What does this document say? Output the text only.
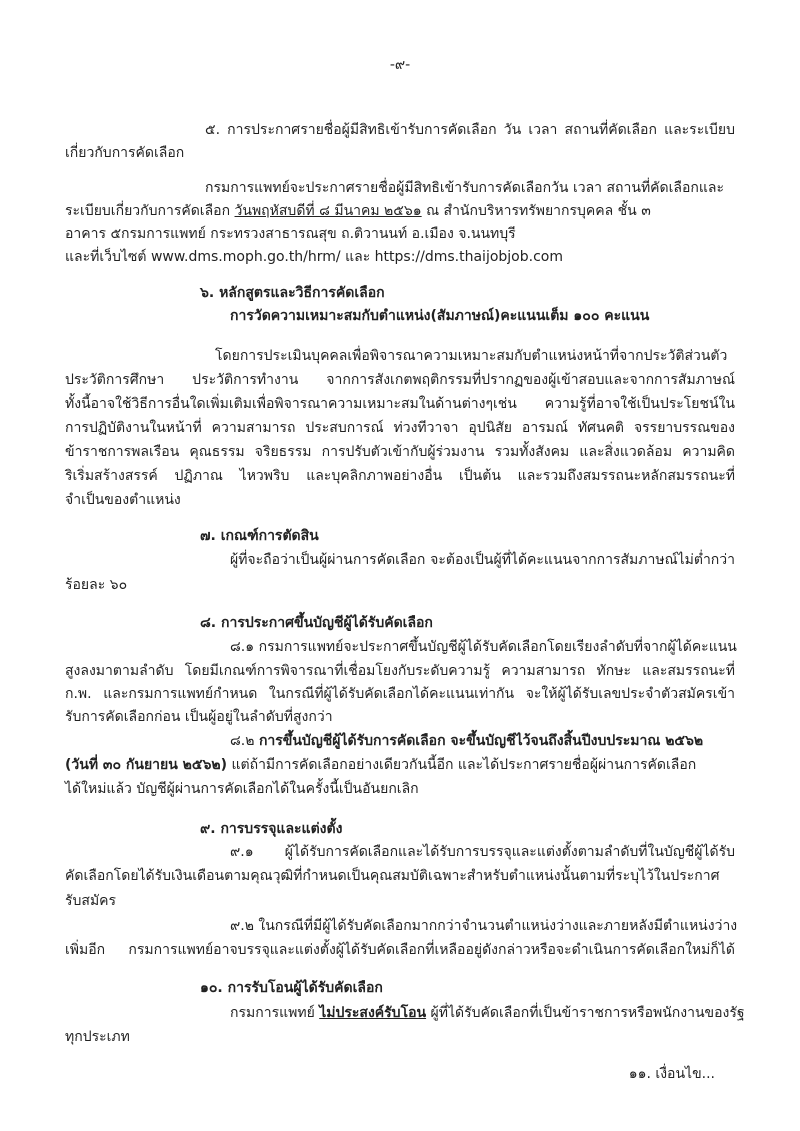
-๙-
๕. การประกาศรายชื่อผู้มีสิทธิเข้ารับการคัดเลือก วัน เวลา สถานที่คัดเลือก และระเบียบ
เกี่ยวกับการคัดเลือก
กรมการแพทย์จะประกาศรายชื่อผู้มีสิทธิเข้ารับการคัดเลือกวัน เวลา สถานที่คัดเลือกและ
ระเบียบเกี่ยวกับการคัดเลือก วันพฤหัสบดีที่ ๘ มีนาคม ๒๕๖๑ ณ สำนักบริหารทรัพยากรบุคคล ชั้น ๓
อาคาร ๕กรมการแพทย์ กระทรวงสาธารณสุข ถ.ติวานนท์ อ.เมือง จ.นนทบุรี
และที่เว็บไซต์ www.dms.moph.go.th/hrm/ และ https://dms.thaijobjob.com
๖. หลักสูตรและวิธีการคัดเลือก
การวัดความเหมาะสมกับตำแหน่ง(สัมภาษณ์)คะแนนเต็ม ๑๐๐ คะแนน
โดยการประเมินบุคคลเพื่อพิจารณาความเหมาะสมกับตำแหน่งหน้าที่จากประวัติส่วนตัว
ประวัติการศึกษา ประวัติการทำงาน จากการสังเกตพฤติกรรมที่ปรากฏของผู้เข้าสอบและจากการสัมภาษณ์
ทั้งนี้อาจใช้วิธีการอื่นใดเพิ่มเติมเพื่อพิจารณาความเหมาะสมในด้านต่างๆเช่น ความรู้ที่อาจใช้เป็นประโยชน์ใน
การปฏิบัติงานในหน้าที่ ความสามารถ ประสบการณ์ ท่วงทีวาจา อุปนิสัย อารมณ์ ทัศนคติ จรรยาบรรณของ
ข้าราชการพลเรือน คุณธรรม จริยธรรม การปรับตัวเข้ากับผู้ร่วมงาน รวมทั้งสังคม และสิ่งแวดล้อม ความคิด
ริเริ่มสร้างสรรค์ ปฏิภาณ ไหวพริบ และบุคลิกภาพอย่างอื่น เป็นต้น และรวมถึงสมรรถนะหลักสมรรถนะที่
จำเป็นของตำแหน่ง
๗. เกณฑ์การตัดสิน
ผู้ที่จะถือว่าเป็นผู้ผ่านการคัดเลือก จะต้องเป็นผู้ที่ได้คะแนนจากการสัมภาษณ์ไม่ต่ำกว่า
ร้อยละ ๖๐
๘. การประกาศขึ้นบัญชีผู้ได้รับคัดเลือก
๘.๑ กรมการแพทย์จะประกาศขึ้นบัญชีผู้ได้รับคัดเลือกโดยเรียงลำดับที่จากผู้ได้คะแนน
สูงลงมาตามลำดับ โดยมีเกณฑ์การพิจารณาที่เชื่อมโยงกับระดับความรู้ ความสามารถ ทักษะ และสมรรถนะที่
ก.พ. และกรมการแพทย์กำหนด ในกรณีที่ผู้ได้รับคัดเลือกได้คะแนนเท่ากัน จะให้ผู้ได้รับเลขประจำตัวสมัครเข้า
รับการคัดเลือกก่อน เป็นผู้อยู่ในลำดับที่สูงกว่า
๘.๒ การขึ้นบัญชีผู้ได้รับการคัดเลือก จะขึ้นบัญชีไว้จนถึงสิ้นปีงบประมาณ ๒๕๖๒
(วันที่ ๓๐ กันยายน ๒๕๖๒) แต่ถ้ามีการคัดเลือกอย่างเดียวกันนี้อีก และได้ประกาศรายชื่อผู้ผ่านการคัดเลือก
ได้ใหม่แล้ว บัญชีผู้ผ่านการคัดเลือกได้ในครั้งนี้เป็นอันยกเลิก
๙. การบรรจุและแต่งตั้ง
๙.๑ ผู้ได้รับการคัดเลือกและได้รับการบรรจุและแต่งตั้งตามลำดับที่ในบัญชีผู้ได้รับ
คัดเลือกโดยได้รับเงินเดือนตามคุณวุฒิที่กำหนดเป็นคุณสมบัติเฉพาะสำหรับตำแหน่งนั้นตามที่ระบุไว้ในประกาศ
รับสมัคร
๙.๒ ในกรณีที่มีผู้ได้รับคัดเลือกมากกว่าจำนวนตำแหน่งว่างและภายหลังมีตำแหน่งว่าง
เพิ่มอีก กรมการแพทย์อาจบรรจุและแต่งตั้งผู้ได้รับคัดเลือกที่เหลืออยู่ดังกล่าวหรือจะดำเนินการคัดเลือกใหม่ก็ได้
๑๐. การรับโอนผู้ได้รับคัดเลือก
กรมการแพทย์ ไม่ประสงค์รับโอน ผู้ที่ได้รับคัดเลือกที่เป็นข้าราชการหรือพนักงานของรัฐ
ทุกประเภท
๑๑. เงื่อนไข...
